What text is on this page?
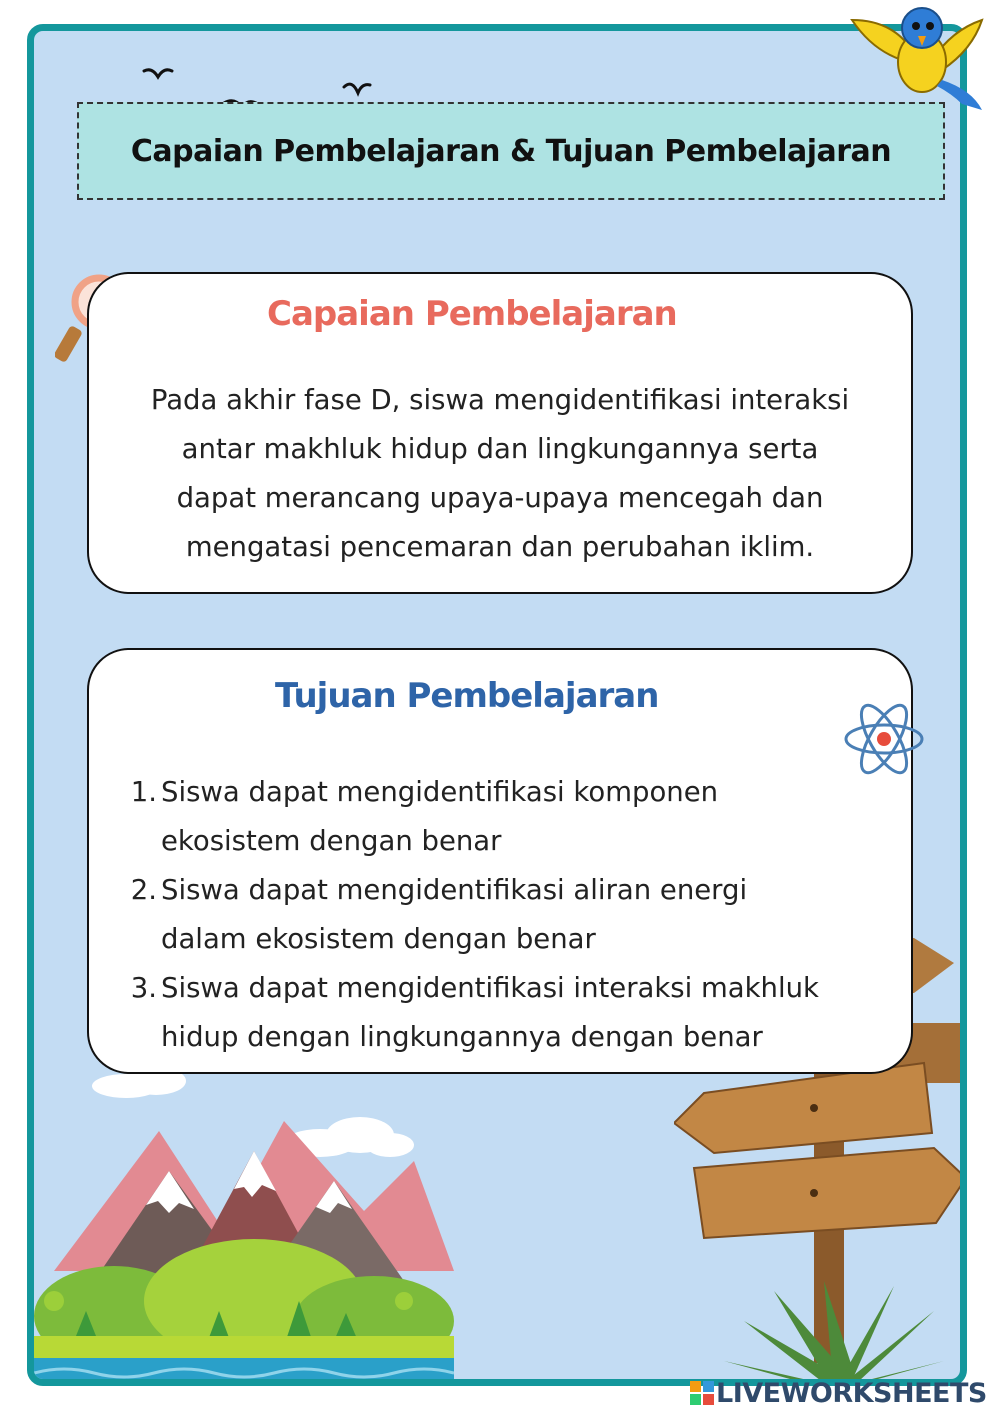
Capaian Pembelajaran & Tujuan Pembelajaran
Capaian Pembelajaran

Pada akhir fase D, siswa mengidentifikasi interaksi
antar makhluk hidup dan lingkungannya serta
dapat merancang upaya-upaya mencegah dan
mengatasi pencemaran dan perubahan iklim.

Tujuan Pembelajaran
1. Siswa dapat mengidentifikasi komponen
ekosistem dengan benar
2. Siswa dapat mengidentifikasi aliran energi
dalam ekosistem dengan benar
3. Siswa dapat mengidentifikasi interaksi makhluk
hidup dengan lingkungannya dengan benar
LIVEWORKSHEETS
